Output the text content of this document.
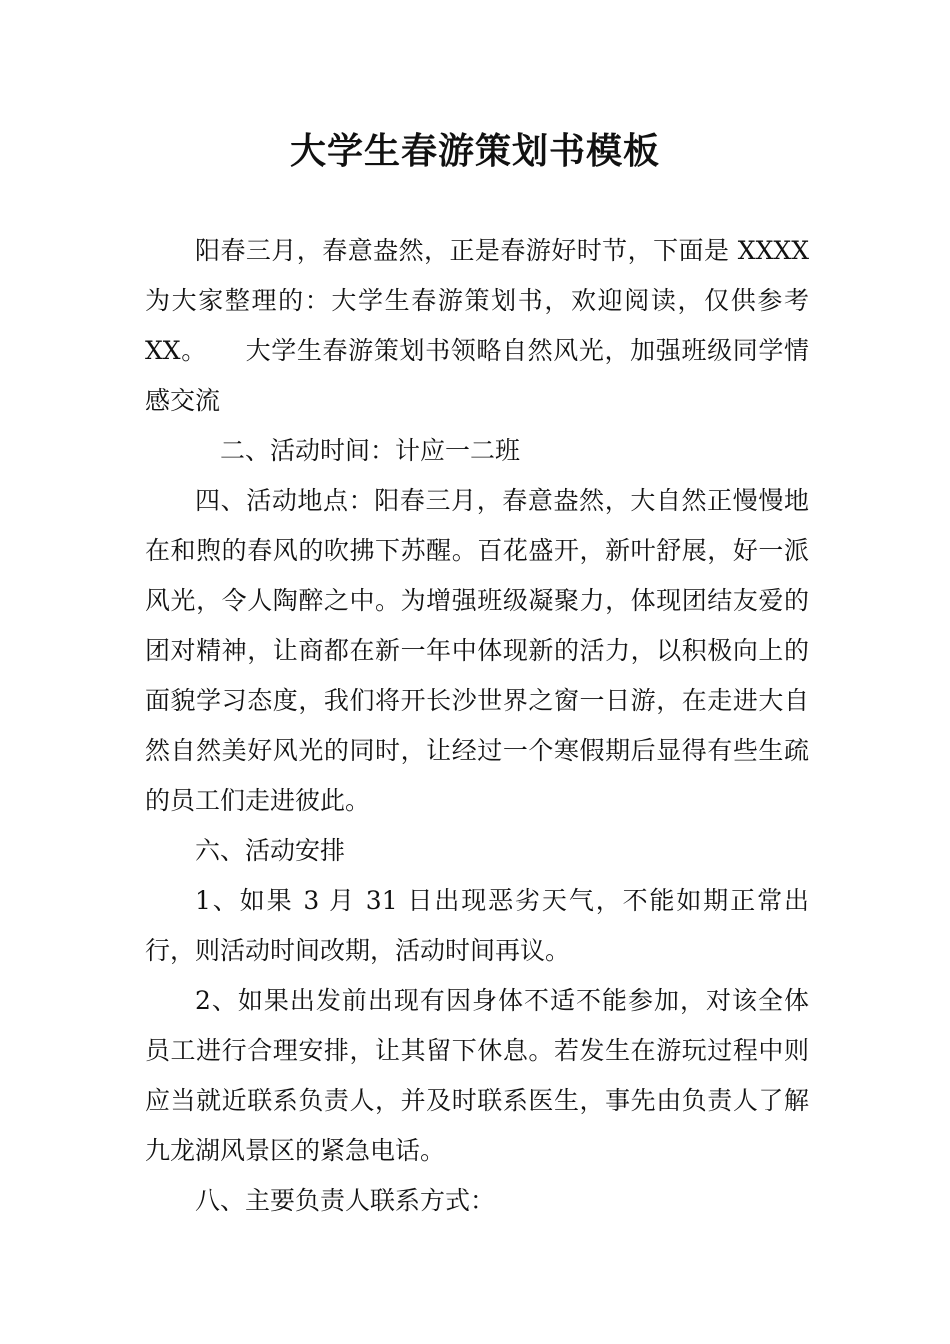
大学生春游策划书模板

阳春三月，春意盎然，正是春游好时节，下面是 XXXX 为大家整理的：大学生春游策划书，欢迎阅读，仅供参考 XX。　　大学生春游策划书领略自然风光，加强班级同学情感交流

二、活动时间：计应一二班

四、活动地点：阳春三月，春意盎然，大自然正慢慢地在和煦的春风的吹拂下苏醒。百花盛开，新叶舒展，好一派风光，令人陶醉之中。为增强班级凝聚力，体现团结友爱的团对精神，让商都在新一年中体现新的活力，以积极向上的面貌学习态度，我们将开长沙世界之窗一日游，在走进大自然自然美好风光的同时，让经过一个寒假期后显得有些生疏的员工们走进彼此。

六、活动安排

1、如果 3 月 31 日出现恶劣天气，不能如期正常出行，则活动时间改期，活动时间再议。

2、如果出发前出现有因身体不适不能参加，对该全体员工进行合理安排，让其留下休息。若发生在游玩过程中则应当就近联系负责人，并及时联系医生，事先由负责人了解九龙湖风景区的紧急电话。

八、主要负责人联系方式：
